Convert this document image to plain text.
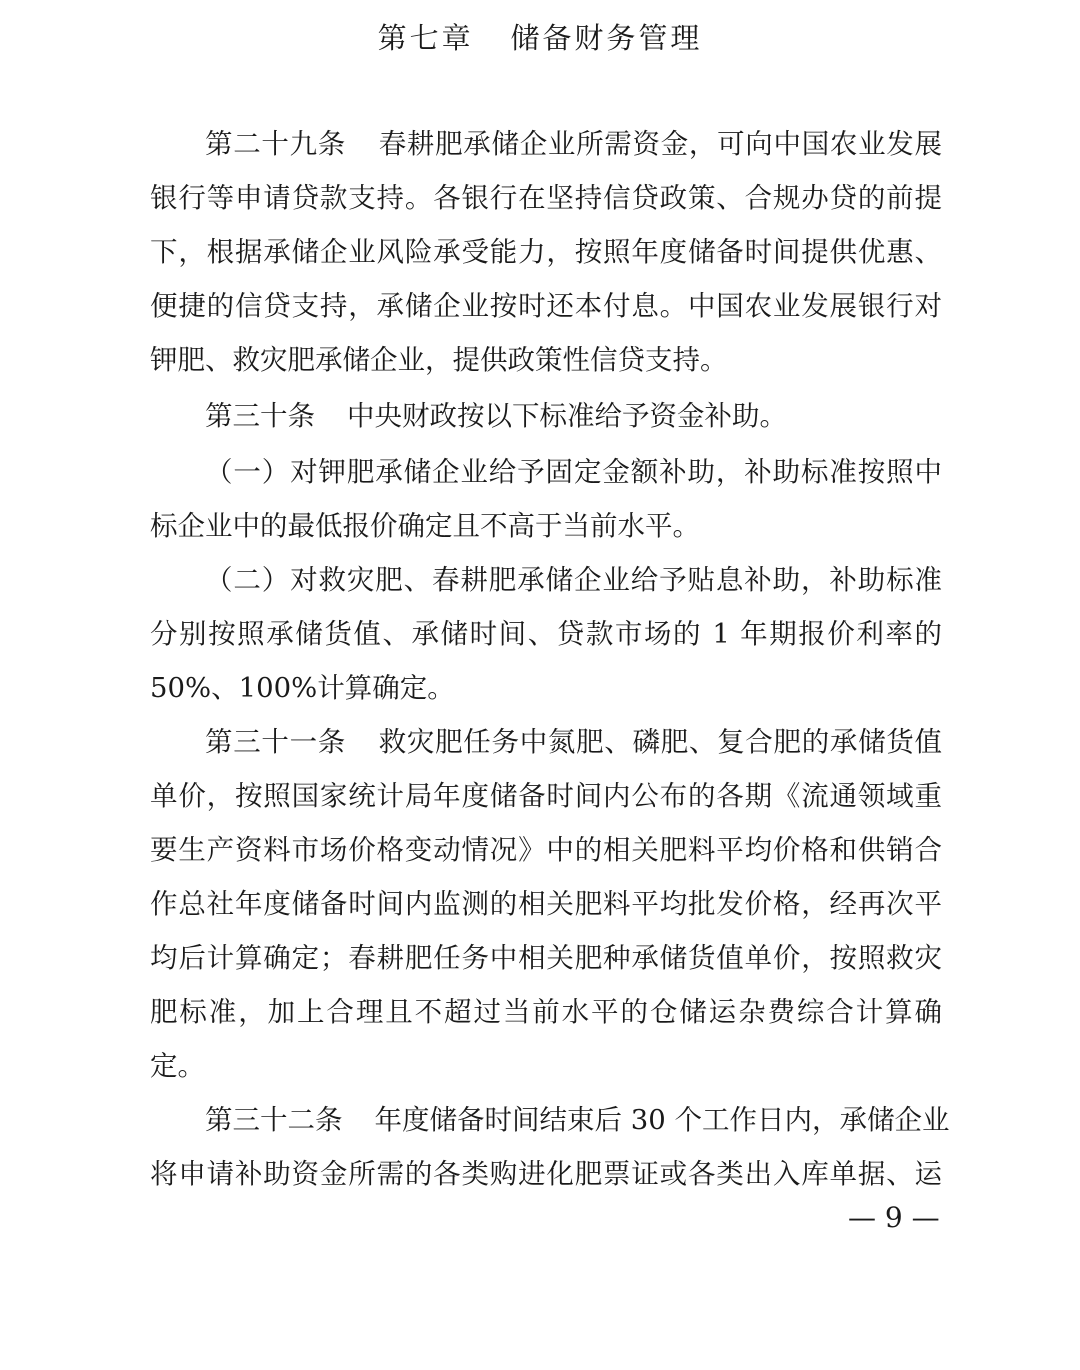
第七章 储备财务管理
第二十九条 春耕肥承储企业所需资金，可向中国农业发展
银行等申请贷款支持。各银行在坚持信贷政策、合规办贷的前提
下，根据承储企业风险承受能力，按照年度储备时间提供优惠、
便捷的信贷支持，承储企业按时还本付息。中国农业发展银行对
钾肥、救灾肥承储企业，提供政策性信贷支持。
第三十条 中央财政按以下标准给予资金补助。
（一）对钾肥承储企业给予固定金额补助，补助标准按照中
标企业中的最低报价确定且不高于当前水平。
（二）对救灾肥、春耕肥承储企业给予贴息补助，补助标准
分别按照承储货值、承储时间、贷款市场的 1 年期报价利率的
50%、100%计算确定。
第三十一条 救灾肥任务中氮肥、磷肥、复合肥的承储货值
单价，按照国家统计局年度储备时间内公布的各期《流通领域重
要生产资料市场价格变动情况》中的相关肥料平均价格和供销合
作总社年度储备时间内监测的相关肥料平均批发价格，经再次平
均后计算确定；春耕肥任务中相关肥种承储货值单价，按照救灾
肥标准，加上合理且不超过当前水平的仓储运杂费综合计算确
定。
第三十二条 年度储备时间结束后 30 个工作日内，承储企业
将申请补助资金所需的各类购进化肥票证或各类出入库单据、运
— 9 —
